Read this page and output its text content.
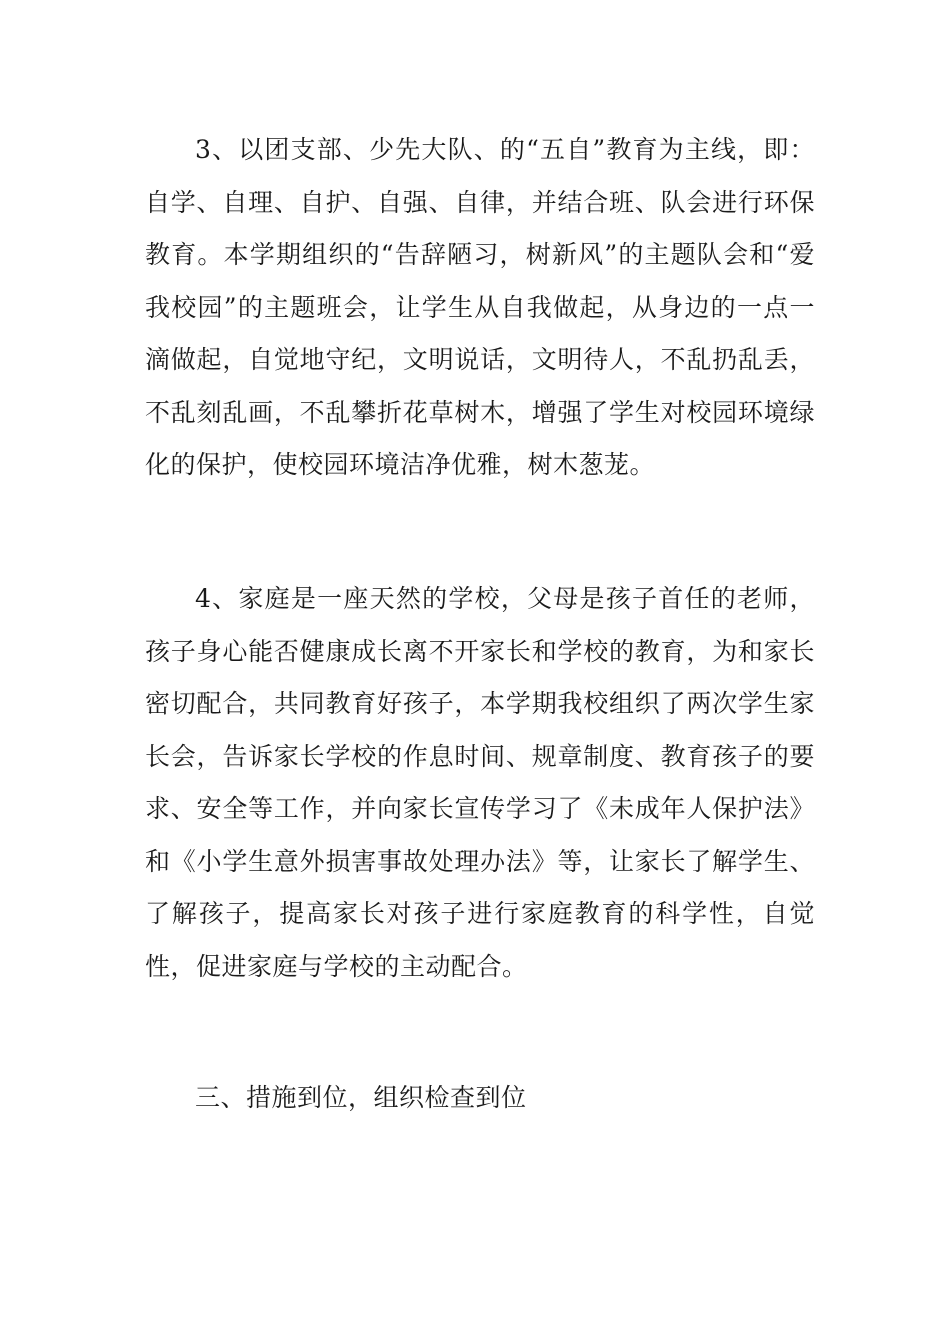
3、以团支部、少先大队、的“五自”教育为主线，即：自学、自理、自护、自强、自律，并结合班、队会进行环保教育。本学期组织的“告辞陋习，树新风”的主题队会和“爱我校园”的主题班会，让学生从自我做起，从身边的一点一滴做起，自觉地守纪，文明说话，文明待人，不乱扔乱丢，不乱刻乱画，不乱攀折花草树木，增强了学生对校园环境绿化的保护，使校园环境洁净优雅，树木葱茏。

4、家庭是一座天然的学校，父母是孩子首任的老师，孩子身心能否健康成长离不开家长和学校的教育，为和家长密切配合，共同教育好孩子，本学期我校组织了两次学生家长会，告诉家长学校的作息时间、规章制度、教育孩子的要求、安全等工作，并向家长宣传学习了《未成年人保护法》和《小学生意外损害事故处理办法》等，让家长了解学生、了解孩子，提高家长对孩子进行家庭教育的科学性，自觉性，促进家庭与学校的主动配合。

三、措施到位，组织检查到位
